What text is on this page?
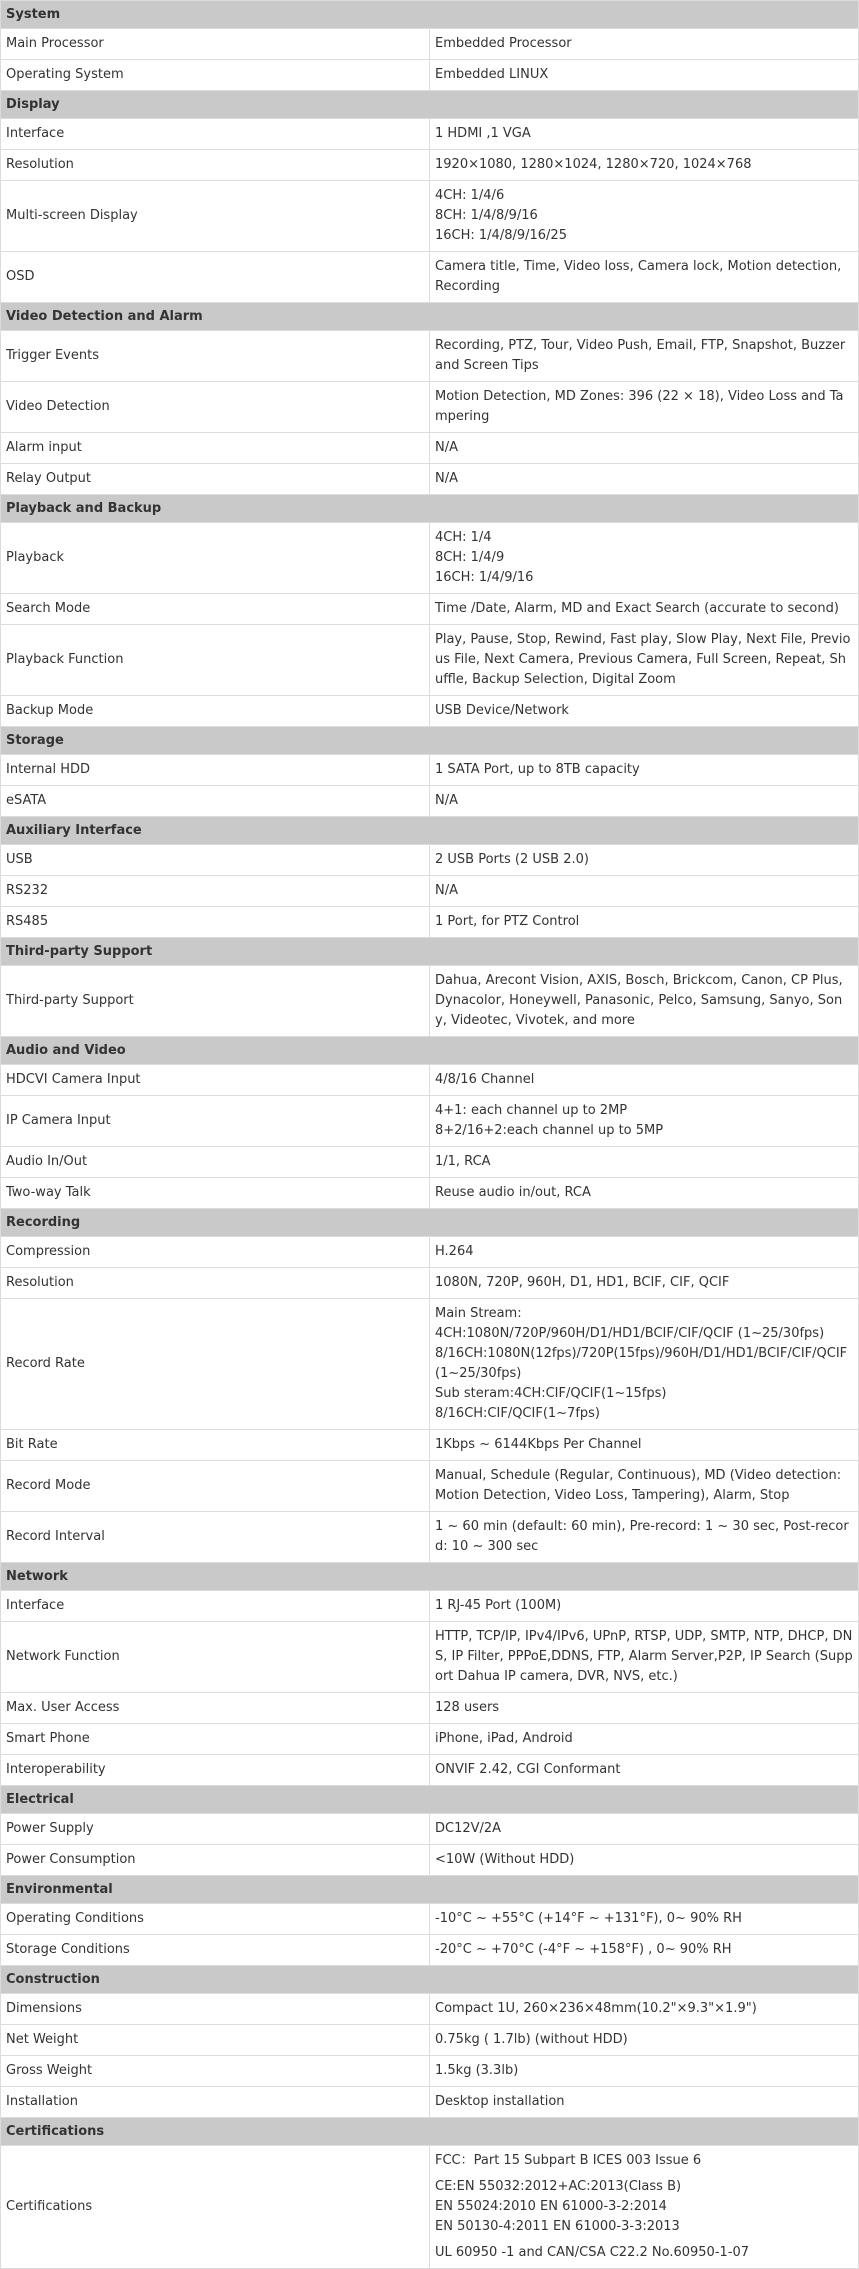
System	
Main Processor	Embedded Processor

Operating System	Embedded LINUX

Display	
Interface	1 HDMI ,1 VGA

Resolution	1920×1080, 1280×1024, 1280×720, 1024×768

Multi-screen Display	4CH: 1/4/6
8CH: 1/4/8/9/16
16CH: 1/4/8/9/16/25

OSD	Camera title, Time, Video loss, Camera lock, Motion detection, Recording

Video Detection and Alarm	
Trigger Events	Recording, PTZ, Tour, Video Push, Email, FTP, Snapshot, Buzzer and Screen Tips

Video Detection	Motion Detection, MD Zones: 396 (22 × 18), Video Loss and Tampering

Alarm input	N/A

Relay Output	N/A

Playback and Backup	
Playback	4CH: 1/4
8CH: 1/4/9
16CH: 1/4/9/16

Search Mode	Time /Date, Alarm, MD and Exact Search (accurate to second)

Playback Function	Play, Pause, Stop, Rewind, Fast play, Slow Play, Next File, Previous File, Next Camera, Previous Camera, Full Screen, Repeat, Shuffle, Backup Selection, Digital Zoom

Backup Mode	USB Device/Network

Storage	
Internal HDD	1 SATA Port, up to 8TB capacity

eSATA	N/A

Auxiliary Interface	
USB	2 USB Ports (2 USB 2.0)

RS232	N/A

RS485	1 Port, for PTZ Control

Third-party Support	
Third-party Support	Dahua, Arecont Vision, AXIS, Bosch, Brickcom, Canon, CP Plus, Dynacolor, Honeywell, Panasonic, Pelco, Samsung, Sanyo, Sony, Videotec, Vivotek, and more

Audio and Video	
HDCVI Camera Input	4/8/16 Channel

IP Camera Input	4+1: each channel up to 2MP
8+2/16+2:each channel up to 5MP

Audio In/Out	1/1, RCA

Two-way Talk	Reuse audio in/out, RCA

Recording	
Compression	H.264

Resolution	1080N, 720P, 960H, D1, HD1, BCIF, CIF, QCIF

Record Rate	Main Stream:
4CH:1080N/720P/960H/D1/HD1/BCIF/CIF/QCIF (1~25/30fps)
8/16CH:1080N(12fps)/720P(15fps)/960H/D1/HD1/BCIF/CIF/QCIF (1~25/30fps)
Sub steram:4CH:CIF/QCIF(1~15fps)
8/16CH:CIF/QCIF(1~7fps)

Bit Rate	1Kbps ~ 6144Kbps Per Channel

Record Mode	Manual, Schedule (Regular, Continuous), MD (Video detection: Motion Detection, Video Loss, Tampering), Alarm, Stop

Record Interval	1 ~ 60 min (default: 60 min), Pre-record: 1 ~ 30 sec, Post-record: 10 ~ 300 sec

Network	
Interface	1 RJ-45 Port (100M)

Network Function	HTTP, TCP/IP, IPv4/IPv6, UPnP, RTSP, UDP, SMTP, NTP, DHCP, DNS, IP Filter, PPPoE,DDNS, FTP, Alarm Server,P2P, IP Search (Support Dahua IP camera, DVR, NVS, etc.)

Max. User Access	128 users

Smart Phone	iPhone, iPad, Android

Interoperability	ONVIF 2.42, CGI Conformant

Electrical	
Power Supply	DC12V/2A

Power Consumption	<10W (Without HDD)

Environmental	
Operating Conditions	-10°C ~ +55°C (+14°F ~ +131°F), 0~ 90% RH

Storage Conditions	-20°C ~ +70°C (-4°F ~ +158°F) , 0~ 90% RH

Construction	
Dimensions	Compact 1U, 260×236×48mm(10.2"×9.3"×1.9")

Net Weight	0.75kg ( 1.7lb) (without HDD)

Gross Weight	1.5kg (3.3lb)

Installation	Desktop installation

Certifications	
Certifications	FCC：Part 15 Subpart B ICES 003 Issue 6
CE:EN 55032:2012+AC:2013(Class B)
EN 55024:2010 EN 61000-3-2:2014
EN 50130-4:2011 EN 61000-3-3:2013
UL 60950 -1 and CAN/CSA C22.2 No.60950-1-07
